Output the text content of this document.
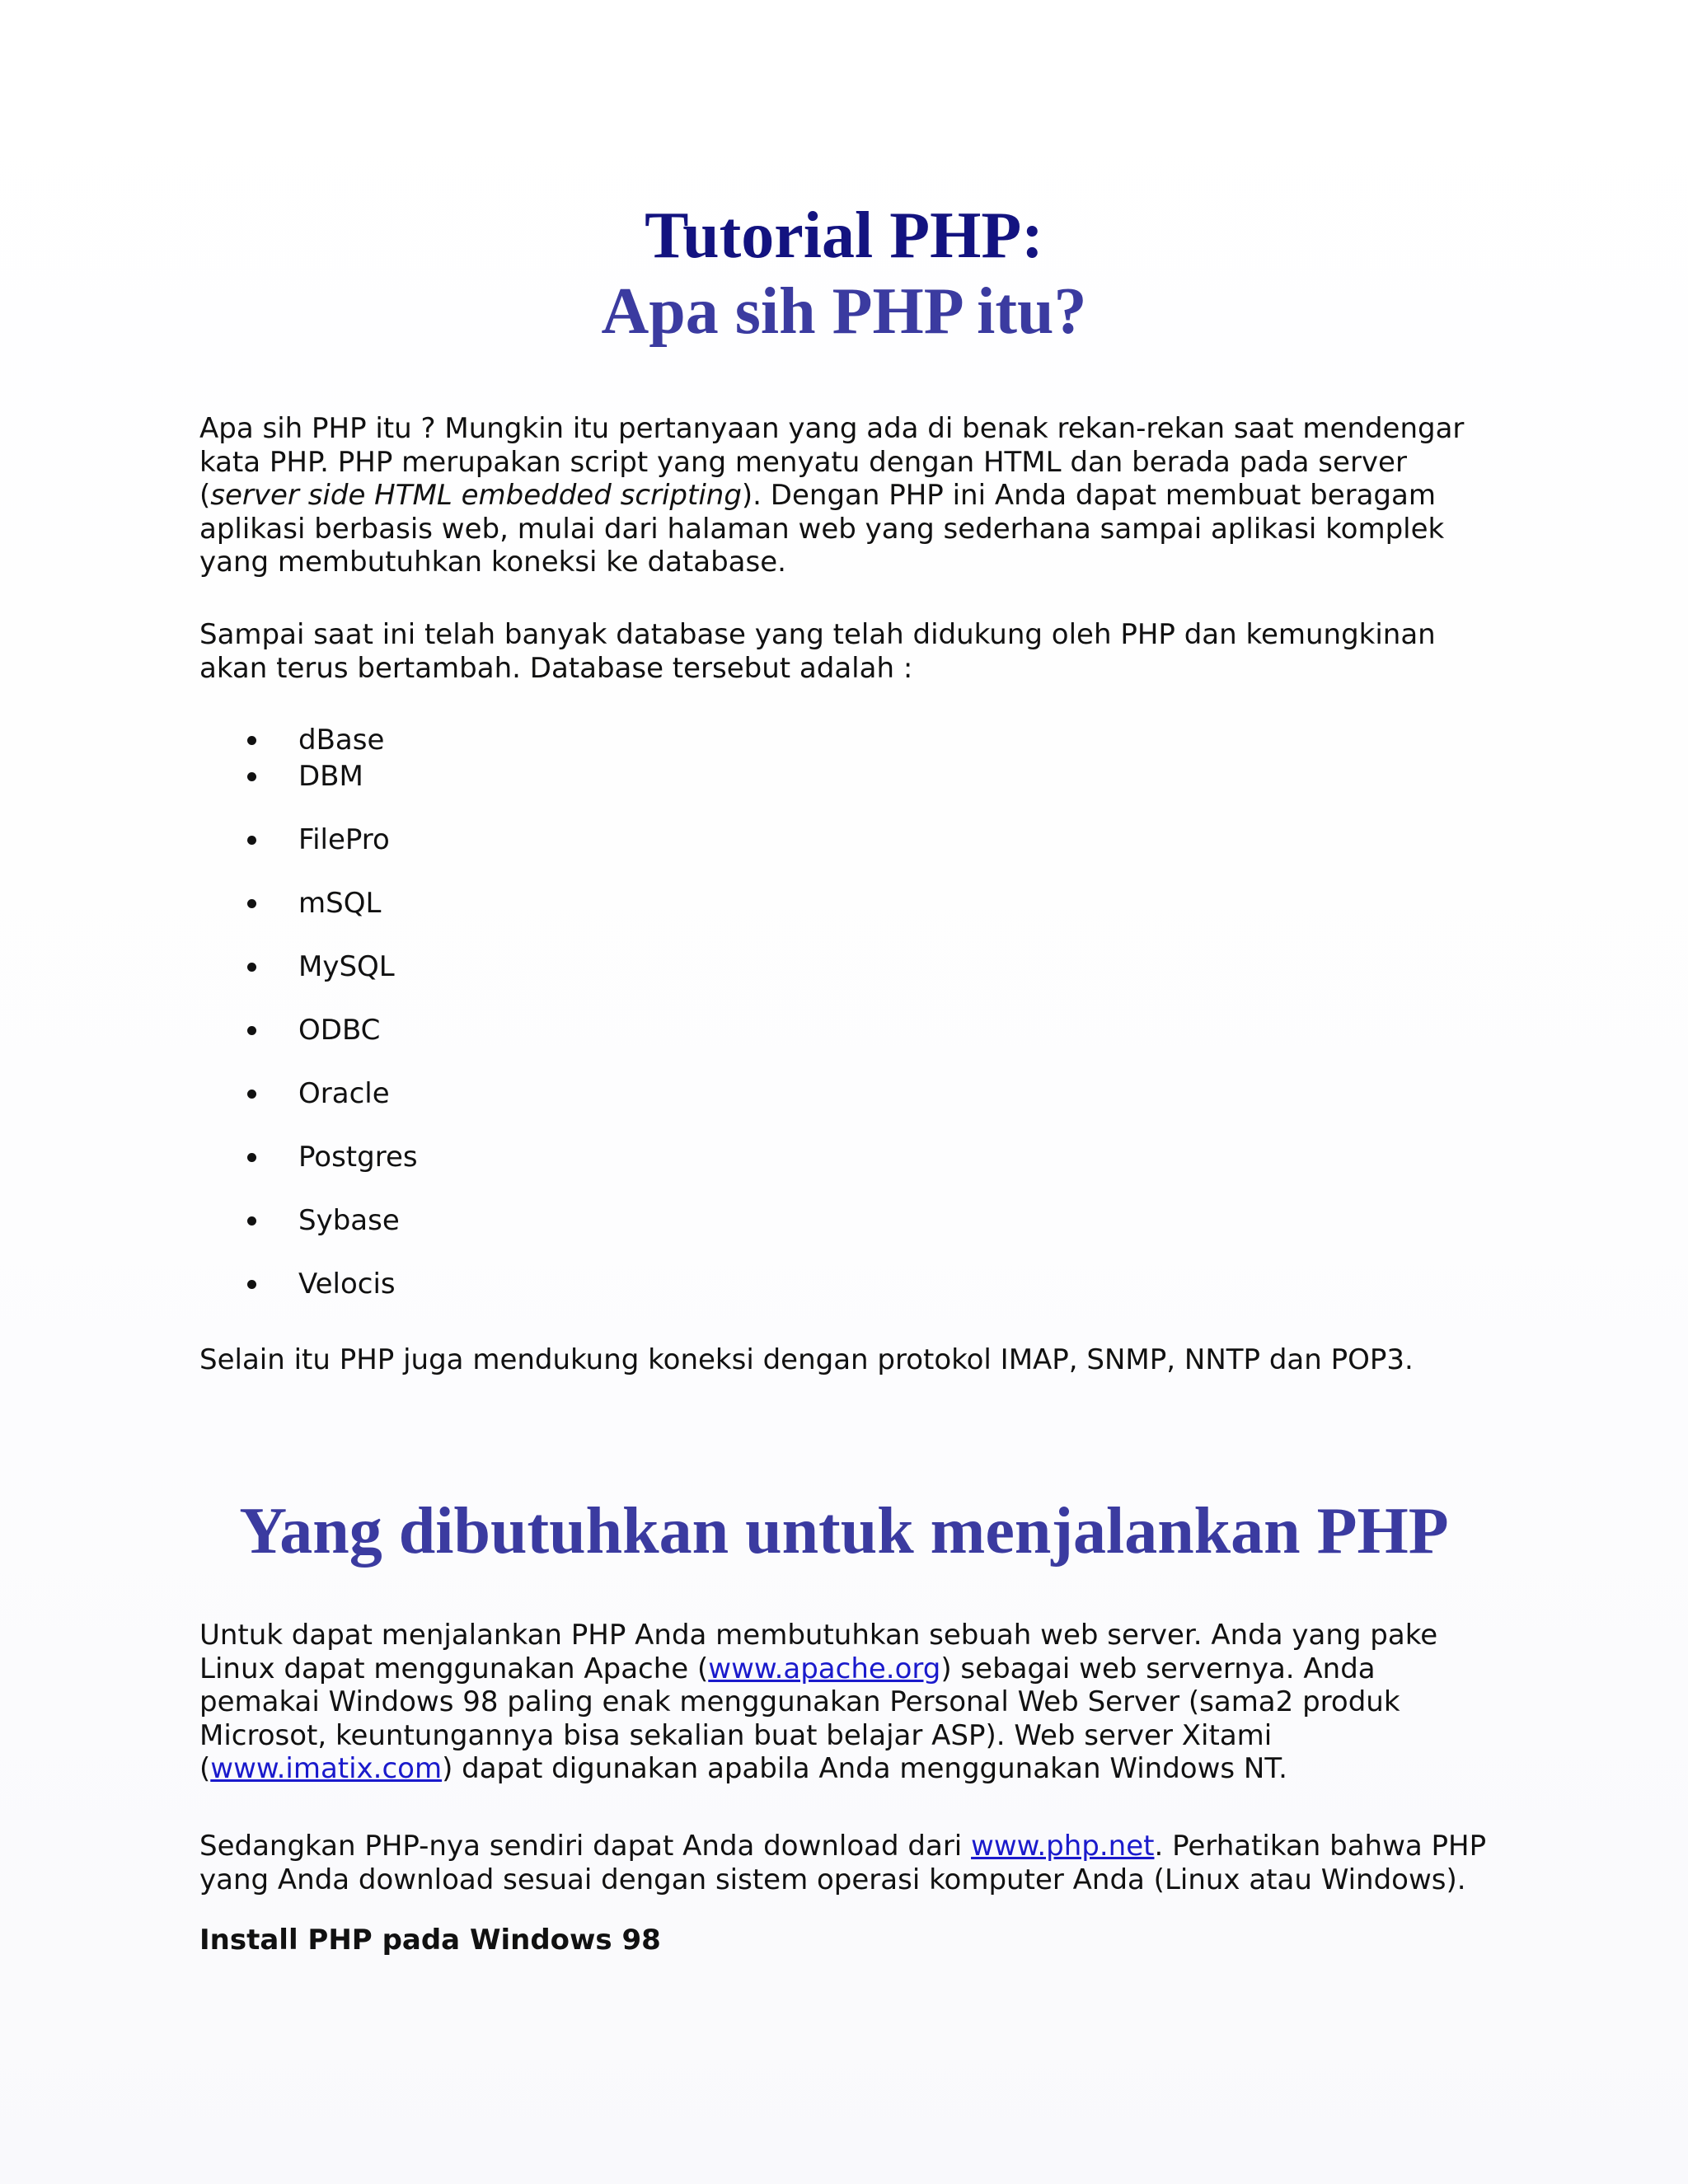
Tutorial PHP:
Apa sih PHP itu?

Apa sih PHP itu ? Mungkin itu pertanyaan yang ada di benak rekan-rekan saat mendengar kata PHP. PHP merupakan script yang menyatu dengan HTML dan berada pada server (server side HTML embedded scripting). Dengan PHP ini Anda dapat membuat beragam aplikasi berbasis web, mulai dari halaman web yang sederhana sampai aplikasi komplek yang membutuhkan koneksi ke database.

Sampai saat ini telah banyak database yang telah didukung oleh PHP dan kemungkinan akan terus bertambah. Database tersebut adalah :

dBase
DBM
FilePro
mSQL
MySQL
ODBC
Oracle
Postgres
Sybase
Velocis

Selain itu PHP juga mendukung koneksi dengan protokol IMAP, SNMP, NNTP dan POP3.

Yang dibutuhkan untuk menjalankan PHP

Untuk dapat menjalankan PHP Anda membutuhkan sebuah web server. Anda yang pake Linux dapat menggunakan Apache (www.apache.org) sebagai web servernya. Anda pemakai Windows 98 paling enak menggunakan Personal Web Server (sama2 produk Microsot, keuntungannya bisa sekalian buat belajar ASP). Web server Xitami (www.imatix.com) dapat digunakan apabila Anda menggunakan Windows NT.

Sedangkan PHP-nya sendiri dapat Anda download dari www.php.net. Perhatikan bahwa PHP yang Anda download sesuai dengan sistem operasi komputer Anda (Linux atau Windows).

Install PHP pada Windows 98
